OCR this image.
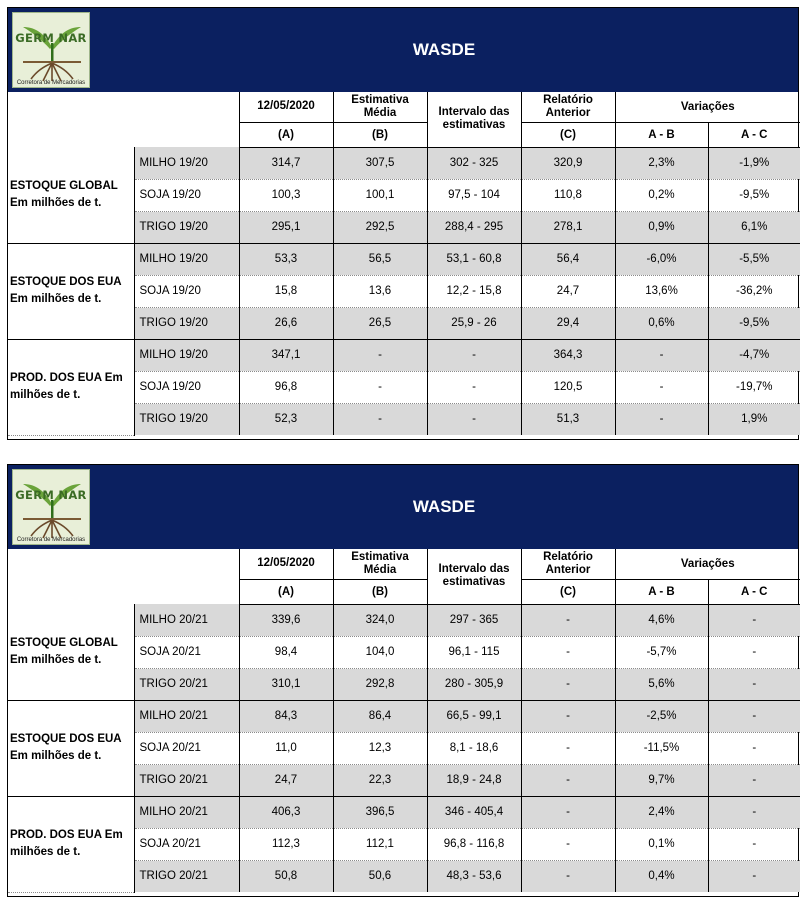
GERM NAR
Corretora de Mercadorias
WASDE
		12/05/2020	Estimativa Média	Intervalo das estimativas	Relatório Anterior	Variações	
		(A)	(B)		(C)	A - B	A - C
ESTOQUE GLOBAL Em milhões de t.	MILHO 19/20	314,7	307,5	302 - 325	320,9	2,3%	-1,9%
	SOJA 19/20	100,3	100,1	97,5 - 104	110,8	0,2%	-9,5%
	TRIGO 19/20	295,1	292,5	288,4 - 295	278,1	0,9%	6,1%
ESTOQUE DOS EUA Em milhões de t.	MILHO 19/20	53,3	56,5	53,1 - 60,8	56,4	-6,0%	-5,5%
	SOJA 19/20	15,8	13,6	12,2 - 15,8	24,7	13,6%	-36,2%
	TRIGO 19/20	26,6	26,5	25,9 - 26	29,4	0,6%	-9,5%
PROD. DOS EUA Em milhões de t.	MILHO 19/20	347,1	-	-	364,3	-	-4,7%
	SOJA 19/20	96,8	-	-	120,5	-	-19,7%
	TRIGO 19/20	52,3	-	-	51,3	-	1,9%
GERM NAR
Corretora de Mercadorias
WASDE
		12/05/2020	Estimativa Média	Intervalo das estimativas	Relatório Anterior	Variações	
		(A)	(B)		(C)	A - B	A - C
ESTOQUE GLOBAL Em milhões de t.	MILHO 20/21	339,6	324,0	297 - 365	-	4,6%	-
	SOJA 20/21	98,4	104,0	96,1 - 115	-	-5,7%	-
	TRIGO 20/21	310,1	292,8	280 - 305,9	-	5,6%	-
ESTOQUE DOS EUA Em milhões de t.	MILHO 20/21	84,3	86,4	66,5 - 99,1	-	-2,5%	-
	SOJA 20/21	11,0	12,3	8,1 - 18,6	-	-11,5%	-
	TRIGO 20/21	24,7	22,3	18,9 - 24,8	-	9,7%	-
PROD. DOS EUA Em milhões de t.	MILHO 20/21	406,3	396,5	346 - 405,4	-	2,4%	-
	SOJA 20/21	112,3	112,1	96,8 - 116,8	-	0,1%	-
	TRIGO 20/21	50,8	50,6	48,3 - 53,6	-	0,4%	-
